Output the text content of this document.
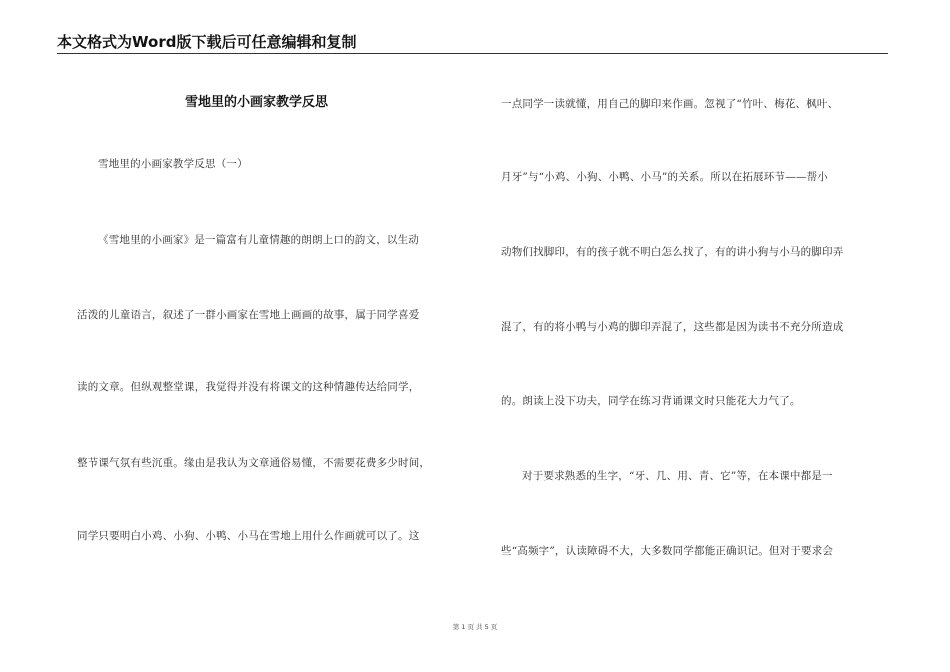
本文格式为Word版下载后可任意编辑和复制
雪地里的小画家教学反思
雪地里的小画家教学反思（一）
《雪地里的小画家》是一篇富有儿童情趣的朗朗上口的韵文，以生动
活泼的儿童语言，叙述了一群小画家在雪地上画画的故事，属于同学喜爱
读的文章。但纵观整堂课，我觉得并没有将课文的这种情趣传达给同学，
整节课气氛有些沉重。缘由是我认为文章通俗易懂，不需要花费多少时间，
同学只要明白小鸡、小狗、小鸭、小马在雪地上用什么作画就可以了。这
一点同学一读就懂，用自己的脚印来作画。忽视了“竹叶、梅花、枫叶、
月牙”与“小鸡、小狗、小鸭、小马”的关系。所以在拓展环节——帮小
动物们找脚印，有的孩子就不明白怎么找了，有的讲小狗与小马的脚印弄
混了，有的将小鸭与小鸡的脚印弄混了，这些都是因为读书不充分所造成
的。朗读上没下功夫，同学在练习背诵课文时只能花大力气了。
对于要求熟悉的生字，“牙、几、用、青、它”等，在本课中都是一
些“高频字”，认读障碍不大，大多数同学都能正确识记。但对于要求会
第 1 页 共 5 页
